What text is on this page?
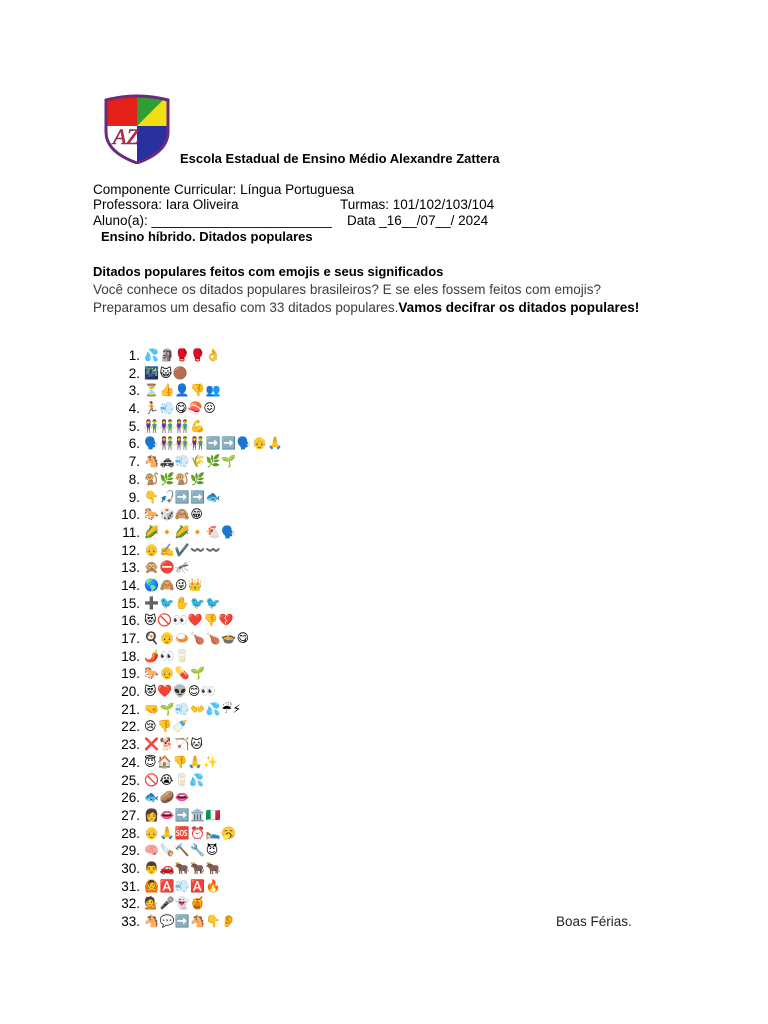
AZ
Escola Estadual de Ensino Médio Alexandre Zattera
Componente Curricular: Língua Portuguesa
Professora: Iara Oliveira	Turmas: 101/102/103/104
Aluno(a): ________________________ Data _16__/07__/ 2024
Ensino híbrido. Ditados populares
Ditados populares feitos com emojis e seus significados
Você conhece os ditados populares brasileiros? E se eles fossem feitos com emojis?
Preparamos um desafio com 33 ditados populares.Vamos decifrar os ditados populares!
1. 💦🗿🥊🥊👌
2. 🌃😺🟤
3. ⏳👍👤👎👥
4. 🏃💨😋🍣😖
5. 👫👫👫💪
6. 🗣️👫👫👫➡️➡️🗣️👴🙏
7. 🐴🚓💨🌾🌿🌱
8. 🐒🌿🐒🌿
9. 👇🎣➡️➡️🐟
10. 🐎🎲🙈😁
11. 🌽🔸🌽🔸🐔🗣️
12. 👴✍️✔️〰️〰️
13. 🙊⛔🦟
14. 🌎🙈😜👑
15. ➕🐦✋🐦🐦
16. 😻🚫👀❤️👎💔
17. 🍳👴🍛🍗🍗🍲😋
18. 🌶️👀🥛
19. 🐎👴💊🌱
20. 😻❤️👽😊👀
21. 🤜🌱💨👐💦☔⚡
22. 😢👎🍼
23. ❌🐕🏹🐱
24. 😇🏠👎🙏✨
25. 🚫😭🥛💦
26. 🐟🥔👄
27. 👩👄➡️🏛️🇮🇹
28. 👴🙏🆘⏰🛌🥱
29. 🧠🪚🔨🔧😈
30. 👨🚗🐂🐂🐂
31. 🙆🅰️💨🅰️🔥
32. 💁🎤👻🍯
33. 🐴💬➡️🐴👇👂	Boas Férias.
